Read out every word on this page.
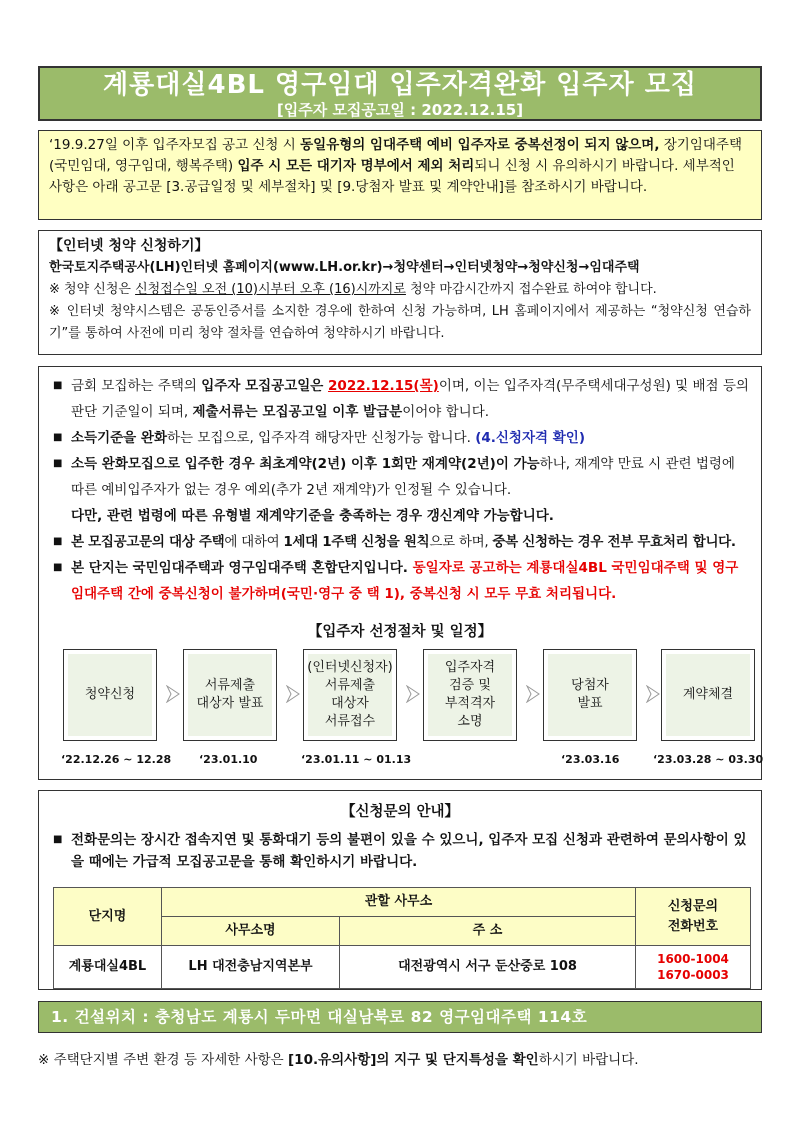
계룡대실4BL 영구임대 입주자격완화 입주자 모집
[입주자 모집공고일 : 2022.12.15]
‘19.9.27일 이후 입주자모집 공고 신청 시 동일유형의 임대주택 예비 입주자로 중복선정이 되지 않으며, 장기임대주택(국민임대, 영구임대, 행복주택) 입주 시 모든 대기자 명부에서 제외 처리되니 신청 시 유의하시기 바랍니다. 세부적인 사항은 아래 공고문 [3.공급일정 및 세부절차] 및 [9.당첨자 발표 및 계약안내]를 참조하시기 바랍니다.
【인터넷 청약 신청하기】
한국토지주택공사(LH)인터넷 홈페이지(www.LH.or.kr)→청약센터→인터넷청약→청약신청→임대주택
※ 청약 신청은 신청접수일 오전 (10)시부터 오후 (16)시까지로 청약 마감시간까지 접수완료 하여야 합니다.
※ 인터넷 청약시스템은 공동인증서를 소지한 경우에 한하여 신청 가능하며, LH 홈페이지에서 제공하는 “청약신청 연습하기”를 통하여 사전에 미리 청약 절차를 연습하여 청약하시기 바랍니다.
■ 금회 모집하는 주택의 입주자 모집공고일은 2022.12.15(목)이며, 이는 입주자격(무주택세대구성원) 및 배점 등의 판단 기준일이 되며, 제출서류는 모집공고일 이후 발급분이어야 합니다.
■ 소득기준을 완화하는 모집으로, 입주자격 해당자만 신청가능 합니다. (4.신청자격 확인)
■ 소득 완화모집으로 입주한 경우 최초계약(2년) 이후 1회만 재계약(2년)이 가능하나, 재계약 만료 시 관련 법령에 따른 예비입주자가 없는 경우 예외(추가 2년 재계약)가 인정될 수 있습니다.
다만, 관련 법령에 따른 유형별 재계약기준을 충족하는 경우 갱신계약 가능합니다.
■ 본 모집공고문의 대상 주택에 대하여 1세대 1주택 신청을 원칙으로 하며, 중복 신청하는 경우 전부 무효처리 합니다.
■ 본 단지는 국민임대주택과 영구임대주택 혼합단지입니다. 동일자로 공고하는 계룡대실4BL 국민임대주택 및 영구임대주택 간에 중복신청이 불가하며(국민·영구 중 택 1), 중복신청 시 모두 무효 처리됩니다.
【입주자 선정절차 및 일정】
청약신청
서류제출
대상자 발표
(인터넷신청자)
서류제출
대상자
서류접수
입주자격
검증 및
부적격자
소명
당첨자
발표
계약체결
‘22.12.26 ~ 12.28	‘23.01.10	‘23.01.11 ~ 01.13	‘23.03.16	‘23.03.28 ~ 03.30
【신청문의 안내】
■ 전화문의는 장시간 접속지연 및 통화대기 등의 불편이 있을 수 있으니, 입주자 모집 신청과 관련하여 문의사항이 있을 때에는 가급적 모집공고문을 통해 확인하시기 바랍니다.
단지명	관할 사무소		신청문의
전화번호
	사무소명	주 소	
계룡대실4BL	LH 대전충남지역본부	대전광역시 서구 둔산중로 108	1600-1004
1670-0003
1. 건설위치 : 충청남도 계룡시 두마면 대실남북로 82 영구임대주택 114호
※ 주택단지별 주변 환경 등 자세한 사항은 [10.유의사항]의 지구 및 단지특성을 확인하시기 바랍니다.
